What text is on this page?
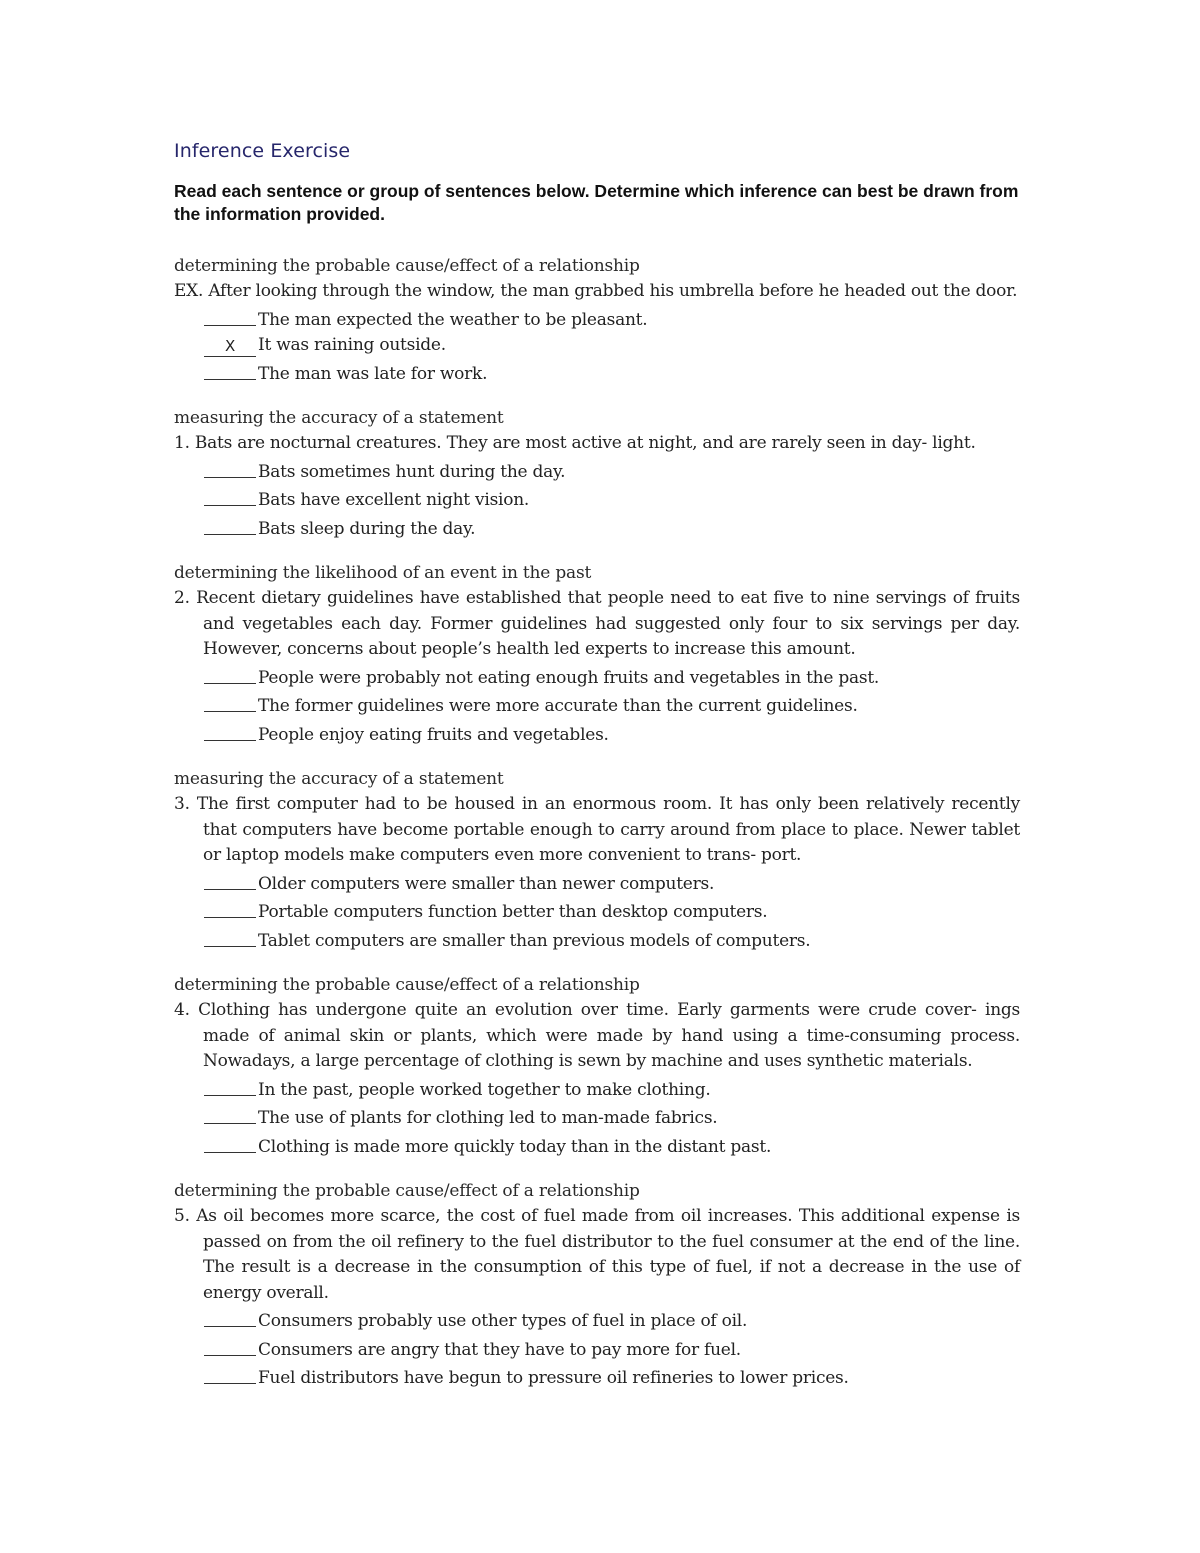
Inference Exercise
Read each sentence or group of sentences below. Determine which inference can best be drawn from the information provided.
determining the probable cause/effect of a relationship
EX. After looking through the window, the man grabbed his umbrella before he headed out the door.
The man expected the weather to be pleasant.
X	It was raining outside.
The man was late for work.
measuring the accuracy of a statement
1. Bats are nocturnal creatures. They are most active at night, and are rarely seen in day- light.
Bats sometimes hunt during the day.
Bats have excellent night vision.
Bats sleep during the day.
determining the likelihood of an event in the past
2. Recent dietary guidelines have established that people need to eat five to nine servings of fruits and vegetables each day. Former guidelines had suggested only four to six servings per day. However, concerns about people’s health led experts to increase this amount.
People were probably not eating enough fruits and vegetables in the past.
The former guidelines were more accurate than the current guidelines.
People enjoy eating fruits and vegetables.
measuring the accuracy of a statement
3. The first computer had to be housed in an enormous room. It has only been relatively recently that computers have become portable enough to carry around from place to place. Newer tablet or laptop models make computers even more convenient to trans- port.
Older computers were smaller than newer computers.
Portable computers function better than desktop computers.
Tablet computers are smaller than previous models of computers.
determining the probable cause/effect of a relationship
4. Clothing has undergone quite an evolution over time. Early garments were crude cover- ings made of animal skin or plants, which were made by hand using a time-consuming process. Nowadays, a large percentage of clothing is sewn by machine and uses synthetic materials.
In the past, people worked together to make clothing.
The use of plants for clothing led to man-made fabrics.
Clothing is made more quickly today than in the distant past.
determining the probable cause/effect of a relationship
5. As oil becomes more scarce, the cost of fuel made from oil increases. This additional expense is passed on from the oil refinery to the fuel distributor to the fuel consumer at the end of the line. The result is a decrease in the consumption of this type of fuel, if not a decrease in the use of energy overall.
Consumers probably use other types of fuel in place of oil.
Consumers are angry that they have to pay more for fuel.
Fuel distributors have begun to pressure oil refineries to lower prices.
